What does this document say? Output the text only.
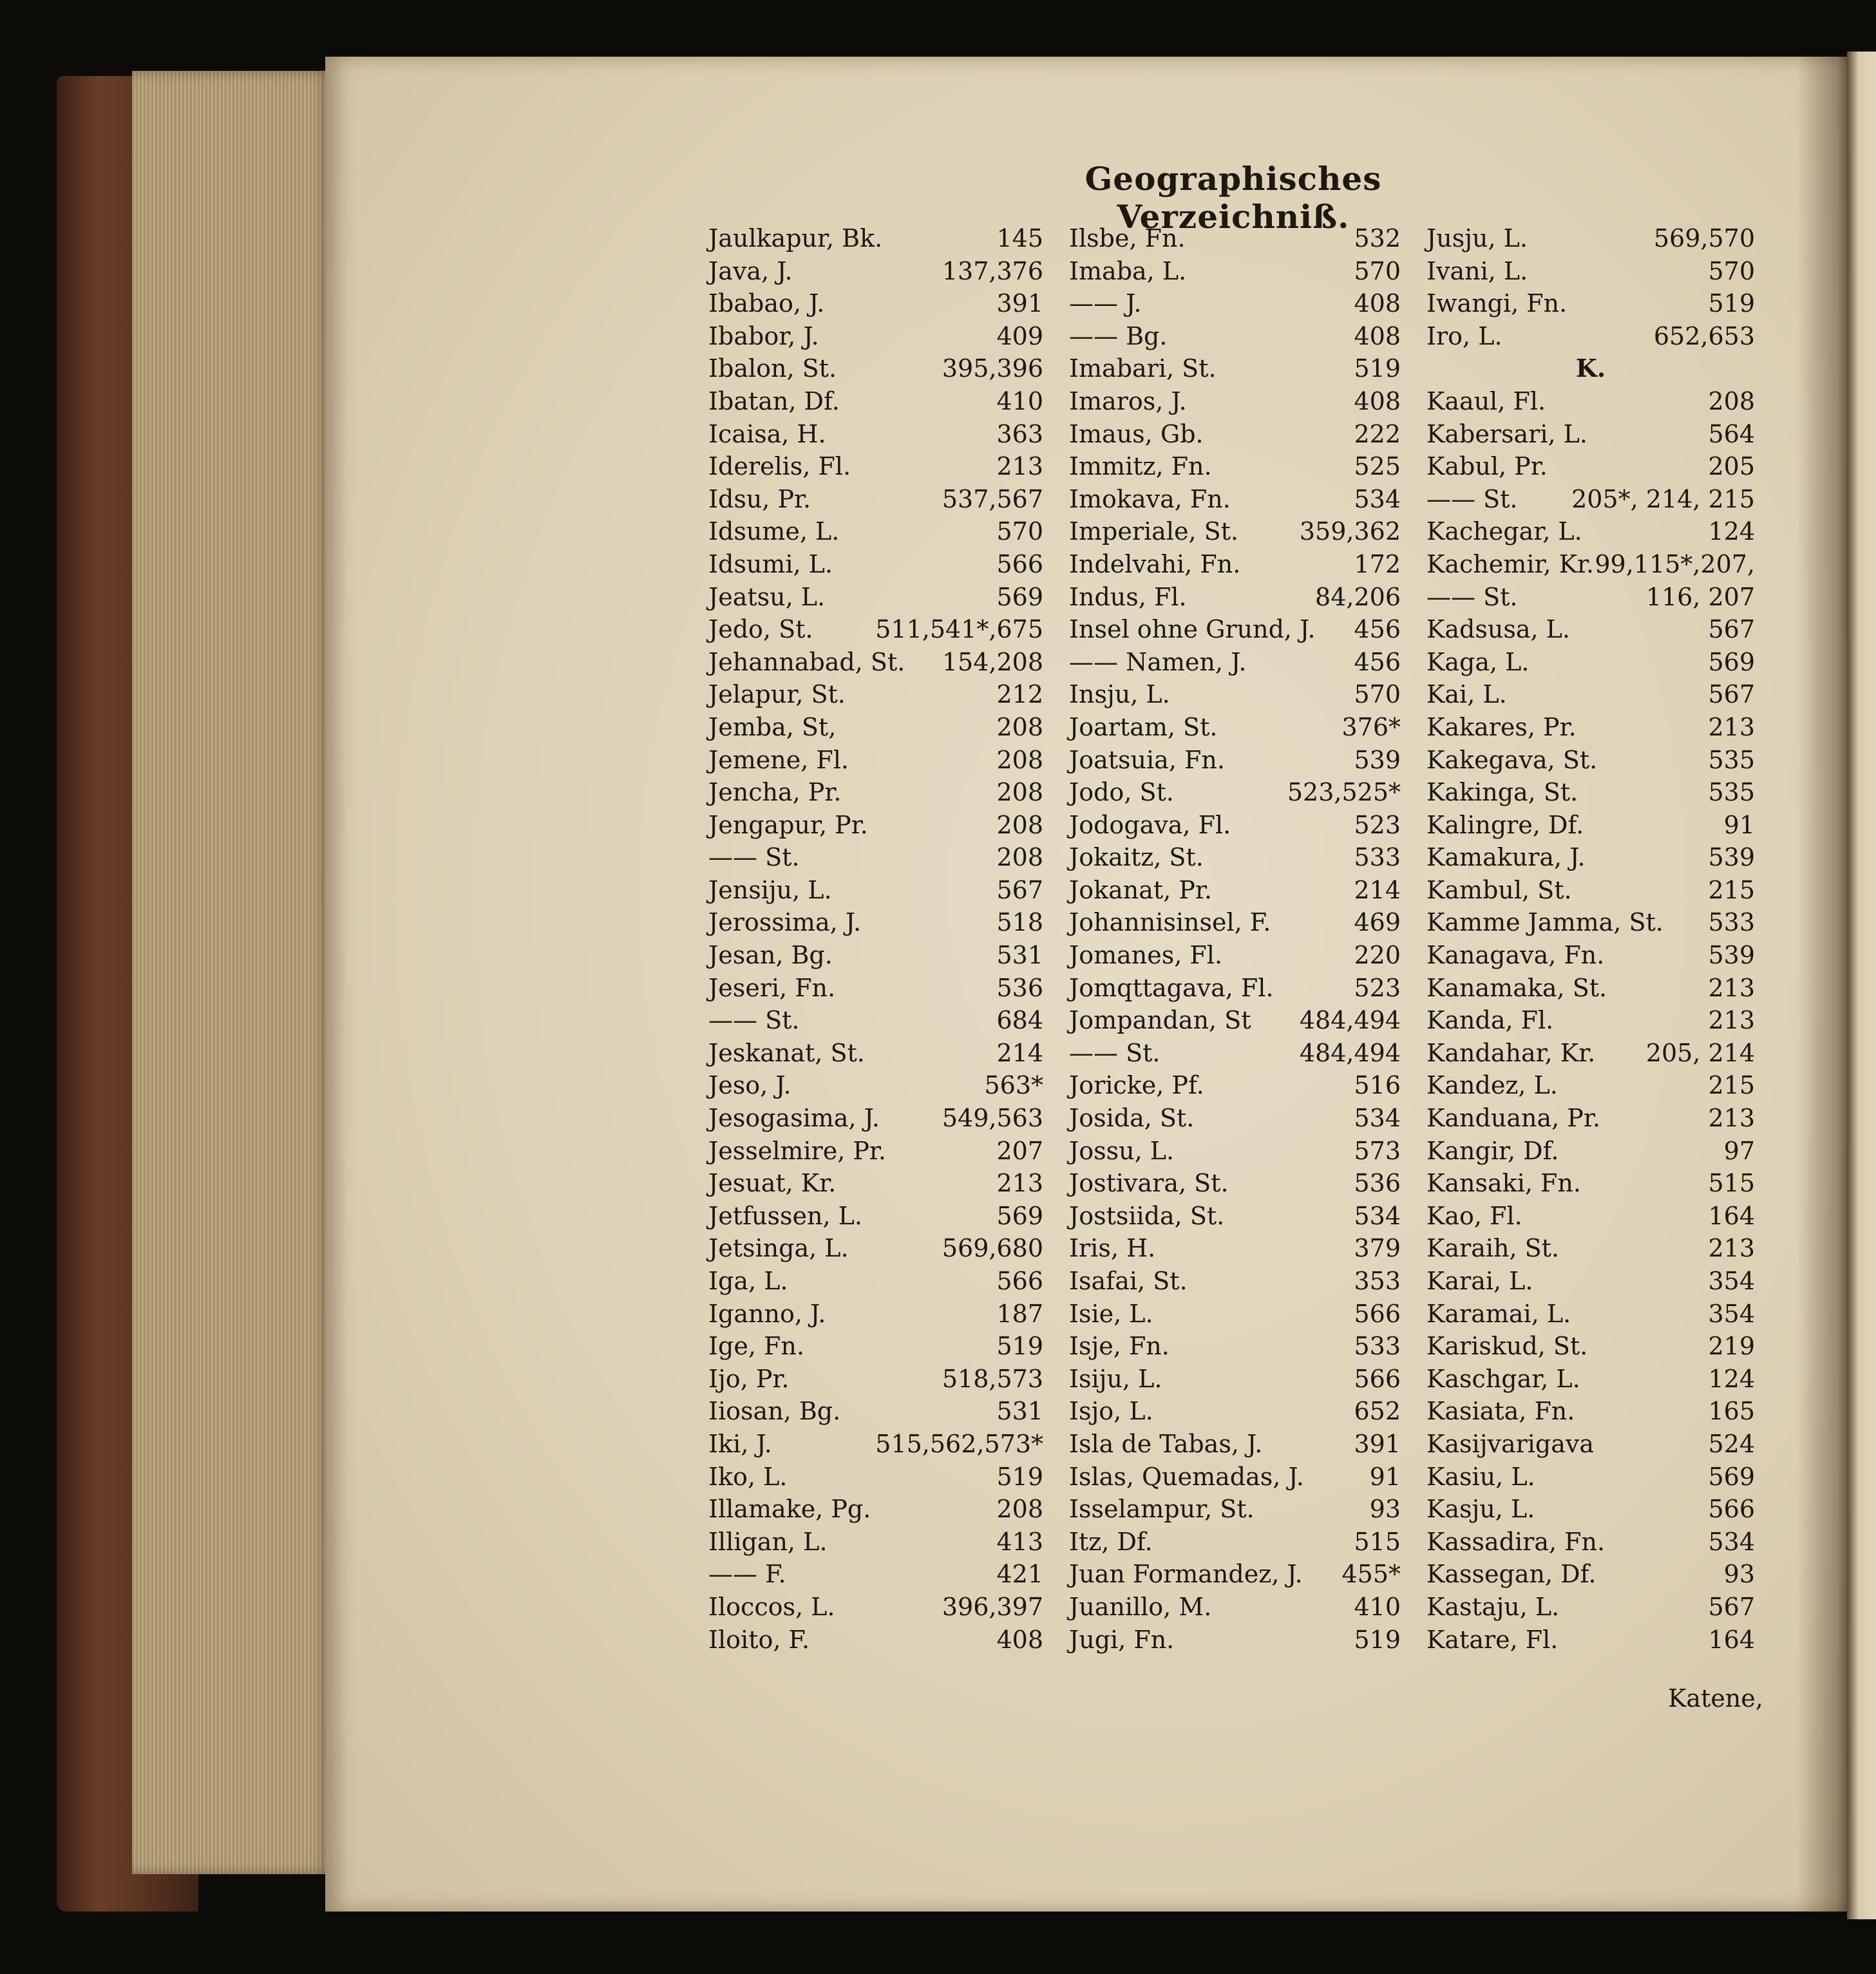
Geographisches Verzeichniß.
Jaulkapur, Bk.	145
Java, J.	137,376
Ibabao, J.	391
Ibabor, J.	409
Ibalon, St.	395,396
Ibatan, Df.	410
Icaisa, H.	363
Iderelis, Fl.	213
Idsu, Pr.	537,567
Idsume, L.	570
Idsumi, L.	566
Jeatsu, L.	569
Jedo, St.	511,541*,675
Jehannabad, St. 154,208
Jelapur, St.	212
Jemba, St,	208
Jemene, Fl.	208
Jencha, Pr.	208
Jengapur, Pr.	208
—— St.	208
Jensiju, L.	567
Jerossima, J.	518
Jesan, Bg.	531
Jeseri, Fn.	536
—— St.	684
Jeskanat, St.	214
Jeso, J.	563*
Jesogasima, J.	549,563
Jesselmire, Pr.	207
Jesuat, Kr.	213
Jetfussen, L.	569
Jetsinga, L.	569,680
Iga, L.	566
Iganno, J.	187
Ige, Fn.	519
Ijo, Pr.	518,573
Iiosan, Bg.	531
Iki, J.	515,562,573*
Iko, L.	519
Illamake, Pg.	208
Illigan, L.	413
—— F.	421
Iloccos, L.	396,397
Iloito, F.	408
Ilsbe, Fn.	532
Imaba, L.	570
—— J.	408
—— Bg.	408
Imabari, St.	519
Imaros, J.	408
Imaus, Gb.	222
Immitz, Fn.	525
Imokava, Fn.	534
Imperiale, St. 359,362
Indelvahi, Fn.	172
Indus, Fl.	84,206
Insel ohne Grund, J. 456
—— Namen, J.	456
Insju, L.	570
Joartam, St.	376*
Joatsuia, Fn.	539
Jodo, St.	523,525*
Jodogava, Fl.	523
Jokaitz, St.	533
Jokanat, Pr.	214
Johannisinsel, F.	469
Jomanes, Fl.	220
Jomqttagava, Fl.	523
Jompandan, St 484,494
—— St.	484,494
Joricke, Pf.	516
Josida, St.	534
Jossu, L.	573
Jostivara, St.	536
Jostsiida, St.	534
Iris, H.	379
Isafai, St.	353
Isie, L.	566
Isje, Fn.	533
Isiju, L.	566
Isjo, L.	652
Isla de Tabas, J.	391
Islas, Quemadas, J.	91
Isselampur, St.	93
Itz, Df.	515
Juan Formandez, J. 455*
Juanillo, M.	410
Jugi, Fn.	519
Jusju, L.	569,570
Ivani, L.	570
Iwangi, Fn.	519
Iro, L.	652,653
K.
Kaaul, Fl.	208
Kabersari, L.	564
Kabul, Pr.	205
—— St. 205*, 214, 215
Kachegar, L.	124
Kachemir, Kr. 99,115*,207,
—— St.	116, 207
Kadsusa, L.	567
Kaga, L.	569
Kai, L.	567
Kakares, Pr.	213
Kakegava, St.	535
Kakinga, St.	535
Kalingre, Df.	91
Kamakura, J.	539
Kambul, St.	215
Kamme Jamma, St. 533
Kanagava, Fn.	539
Kanamaka, St.	213
Kanda, Fl.	213
Kandahar, Kr. 205, 214
Kandez, L.	215
Kanduana, Pr.	213
Kangir, Df.	97
Kansaki, Fn.	515
Kao, Fl.	164
Karaih, St.	213
Karai, L.	354
Karamai, L.	354
Kariskud, St.	219
Kaschgar, L.	124
Kasiata, Fn.	165
Kasijvarigava	524
Kasiu, L.	569
Kasju, L.	566
Kassadira, Fn.	534
Kassegan, Df.	93
Kastaju, L.	567
Katare, Fl.	164
Katene,
